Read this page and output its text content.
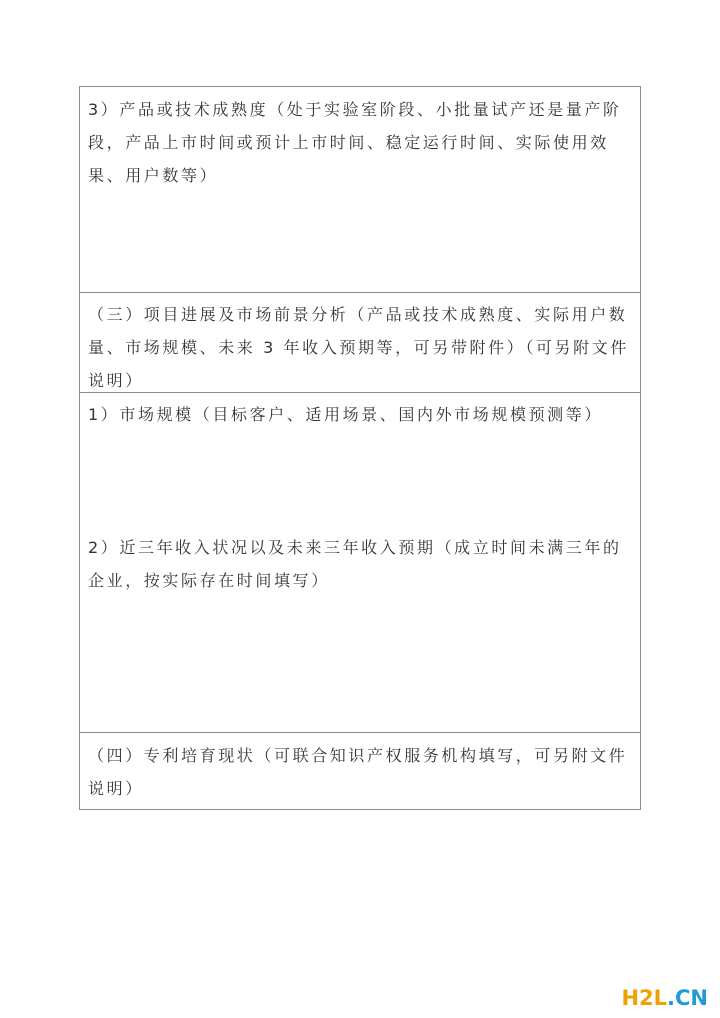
3）产品或技术成熟度（处于实验室阶段、小批量试产还是量产阶段，产品上市时间或预计上市时间、稳定运行时间、实际使用效果、用户数等）
（三）项目进展及市场前景分析（产品或技术成熟度、实际用户数量、市场规模、未来 3 年收入预期等，可另带附件）（可另附文件说明）
1）市场规模（目标客户、适用场景、国内外市场规模预测等）
2）近三年收入状况以及未来三年收入预期（成立时间未满三年的企业，按实际存在时间填写）
（四）专利培育现状（可联合知识产权服务机构填写，可另附文件说明）
H2L.CN
